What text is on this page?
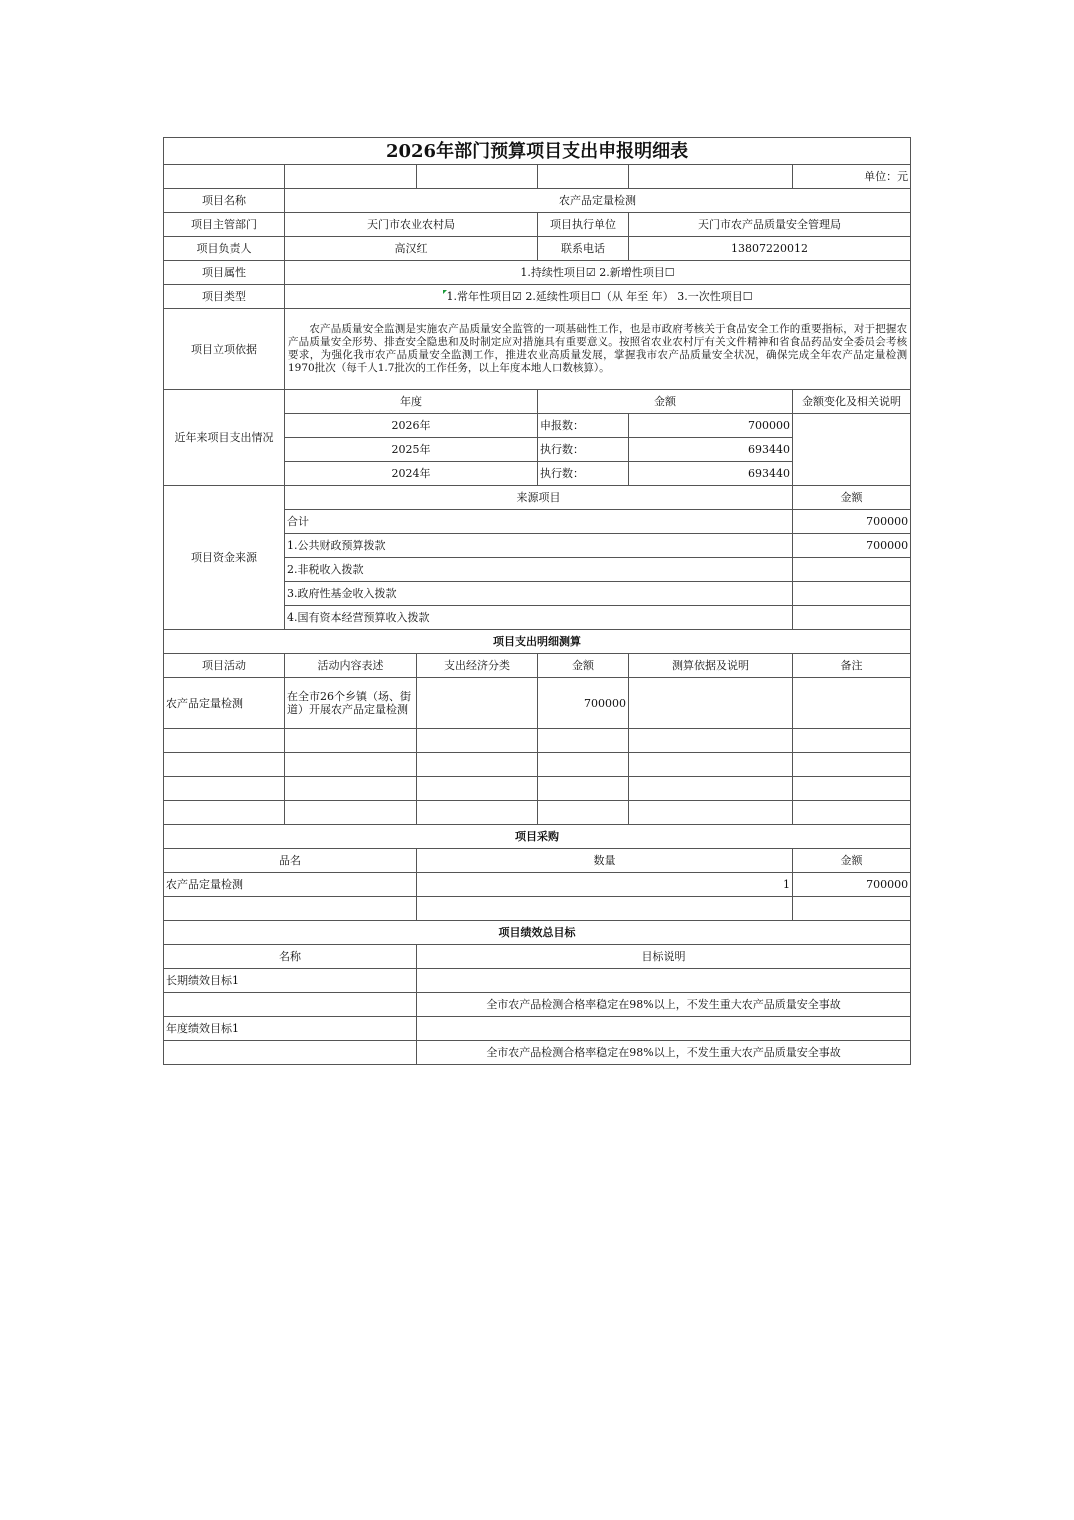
2026年部门预算项目支出申报明细表					
					单位：元
项目名称	农产品定量检测				
项目主管部门	天门市农业农村局		项目执行单位	天门市农产品质量安全管理局	
项目负责人	高汉红		联系电话	13807220012	
项目属性	1.持续性项目☑ 2.新增性项目☐				
项目类型	1.常年性项目☑ 2.延续性项目☐（从 年至 年） 3.一次性项目☐				
项目立项依据	　　农产品质量安全监测是实施农产品质量安全监管的一项基础性工作，也是市政府考核关于食品安全工作的重要指标，对于把握农产品质量安全形势、排查安全隐患和及时制定应对措施具有重要意义。按照省农业农村厅有关文件精神和省食品药品安全委员会考核要求，为强化我市农产品质量安全监测工作，推进农业高质量发展，掌握我市农产品质量安全状况，确保完成全年农产品定量检测1970批次（每千人1.7批次的工作任务，以上年度本地人口数核算）。				
近年来项目支出情况	年度		金额		金额变化及相关说明
	2026年		申报数：	700000	
	2025年		执行数：	693440	
	2024年		执行数：	693440	
项目资金来源	来源项目				金额
	合计				700000
	1.公共财政预算拨款				700000
	2.非税收入拨款				
	3.政府性基金收入拨款				
	4.国有资本经营预算收入拨款				
项目支出明细测算					
项目活动	活动内容表述	支出经济分类	金额	测算依据及说明	备注
农产品定量检测	在全市26个乡镇（场、街道）开展农产品定量检测		700000		

项目采购					
品名		数量			金额
农产品定量检测		1			700000

项目绩效总目标					
名称		目标说明			
长期绩效目标1					
		全市农产品检测合格率稳定在98%以上，不发生重大农产品质量安全事故			
年度绩效目标1					
		全市农产品检测合格率稳定在98%以上，不发生重大农产品质量安全事故			
